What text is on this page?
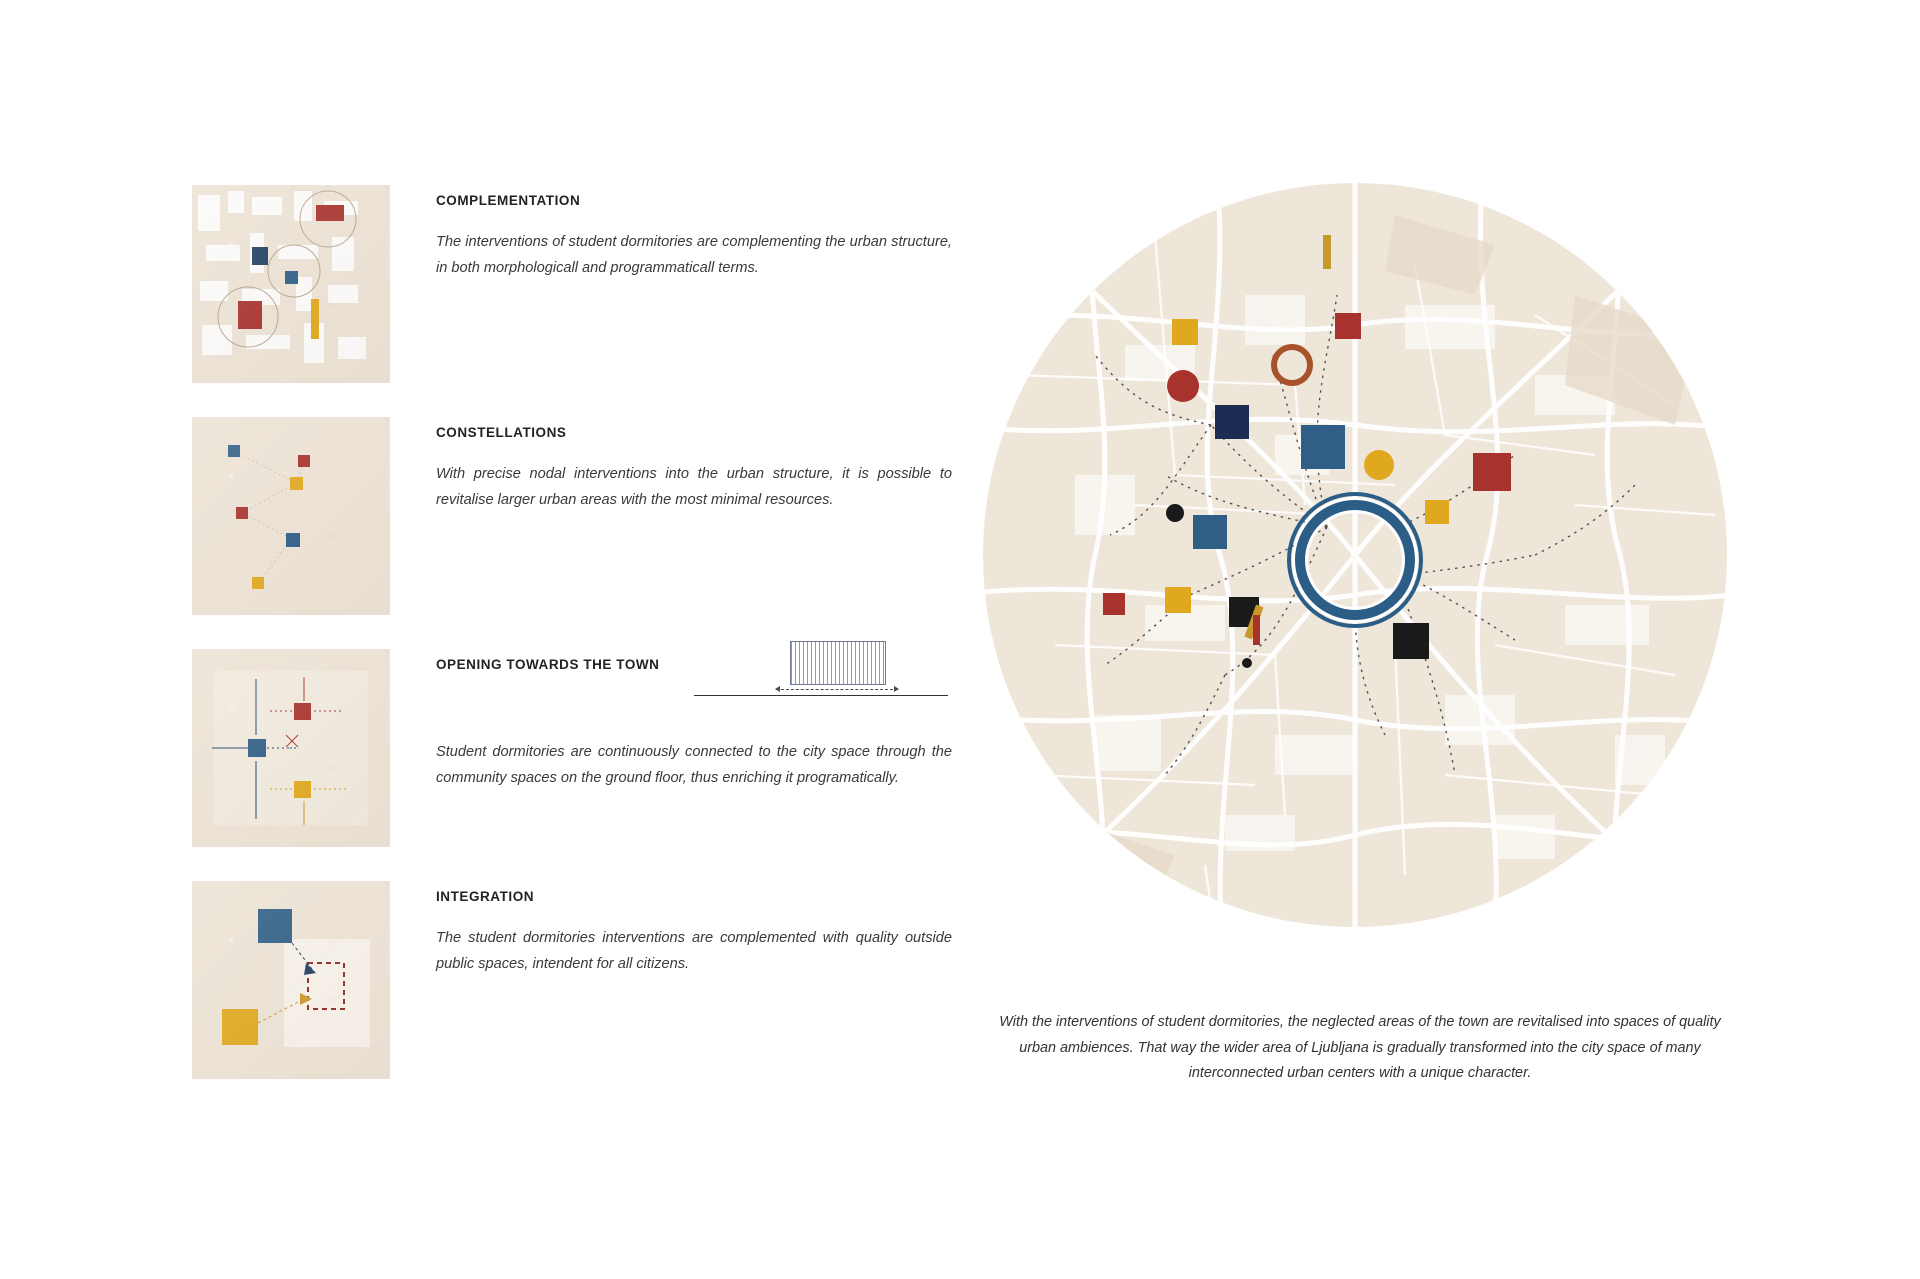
COMPLEMENTATION
The interventions of student dormitories are complementing the urban structure, in both morphologicall and programmaticall terms.
CONSTELLATIONS
With precise nodal interventions into the urban structure, it is possible to revitalise larger urban areas with the most minimal resources.
OPENING TOWARDS THE TOWN
Student dormitories are continuously connected to the city space through the community spaces on the ground floor, thus enriching it programatically.
INTEGRATION
The student dormitories interventions are complemented with quality outside public spaces, intendent for all citizens.
With the interventions of student dormitories, the neglected areas of the town are revitalised into spaces of quality urban ambiences. That way the wider area of Ljubljana is gradually transformed into the city space of many interconnected urban centers with a unique character.
